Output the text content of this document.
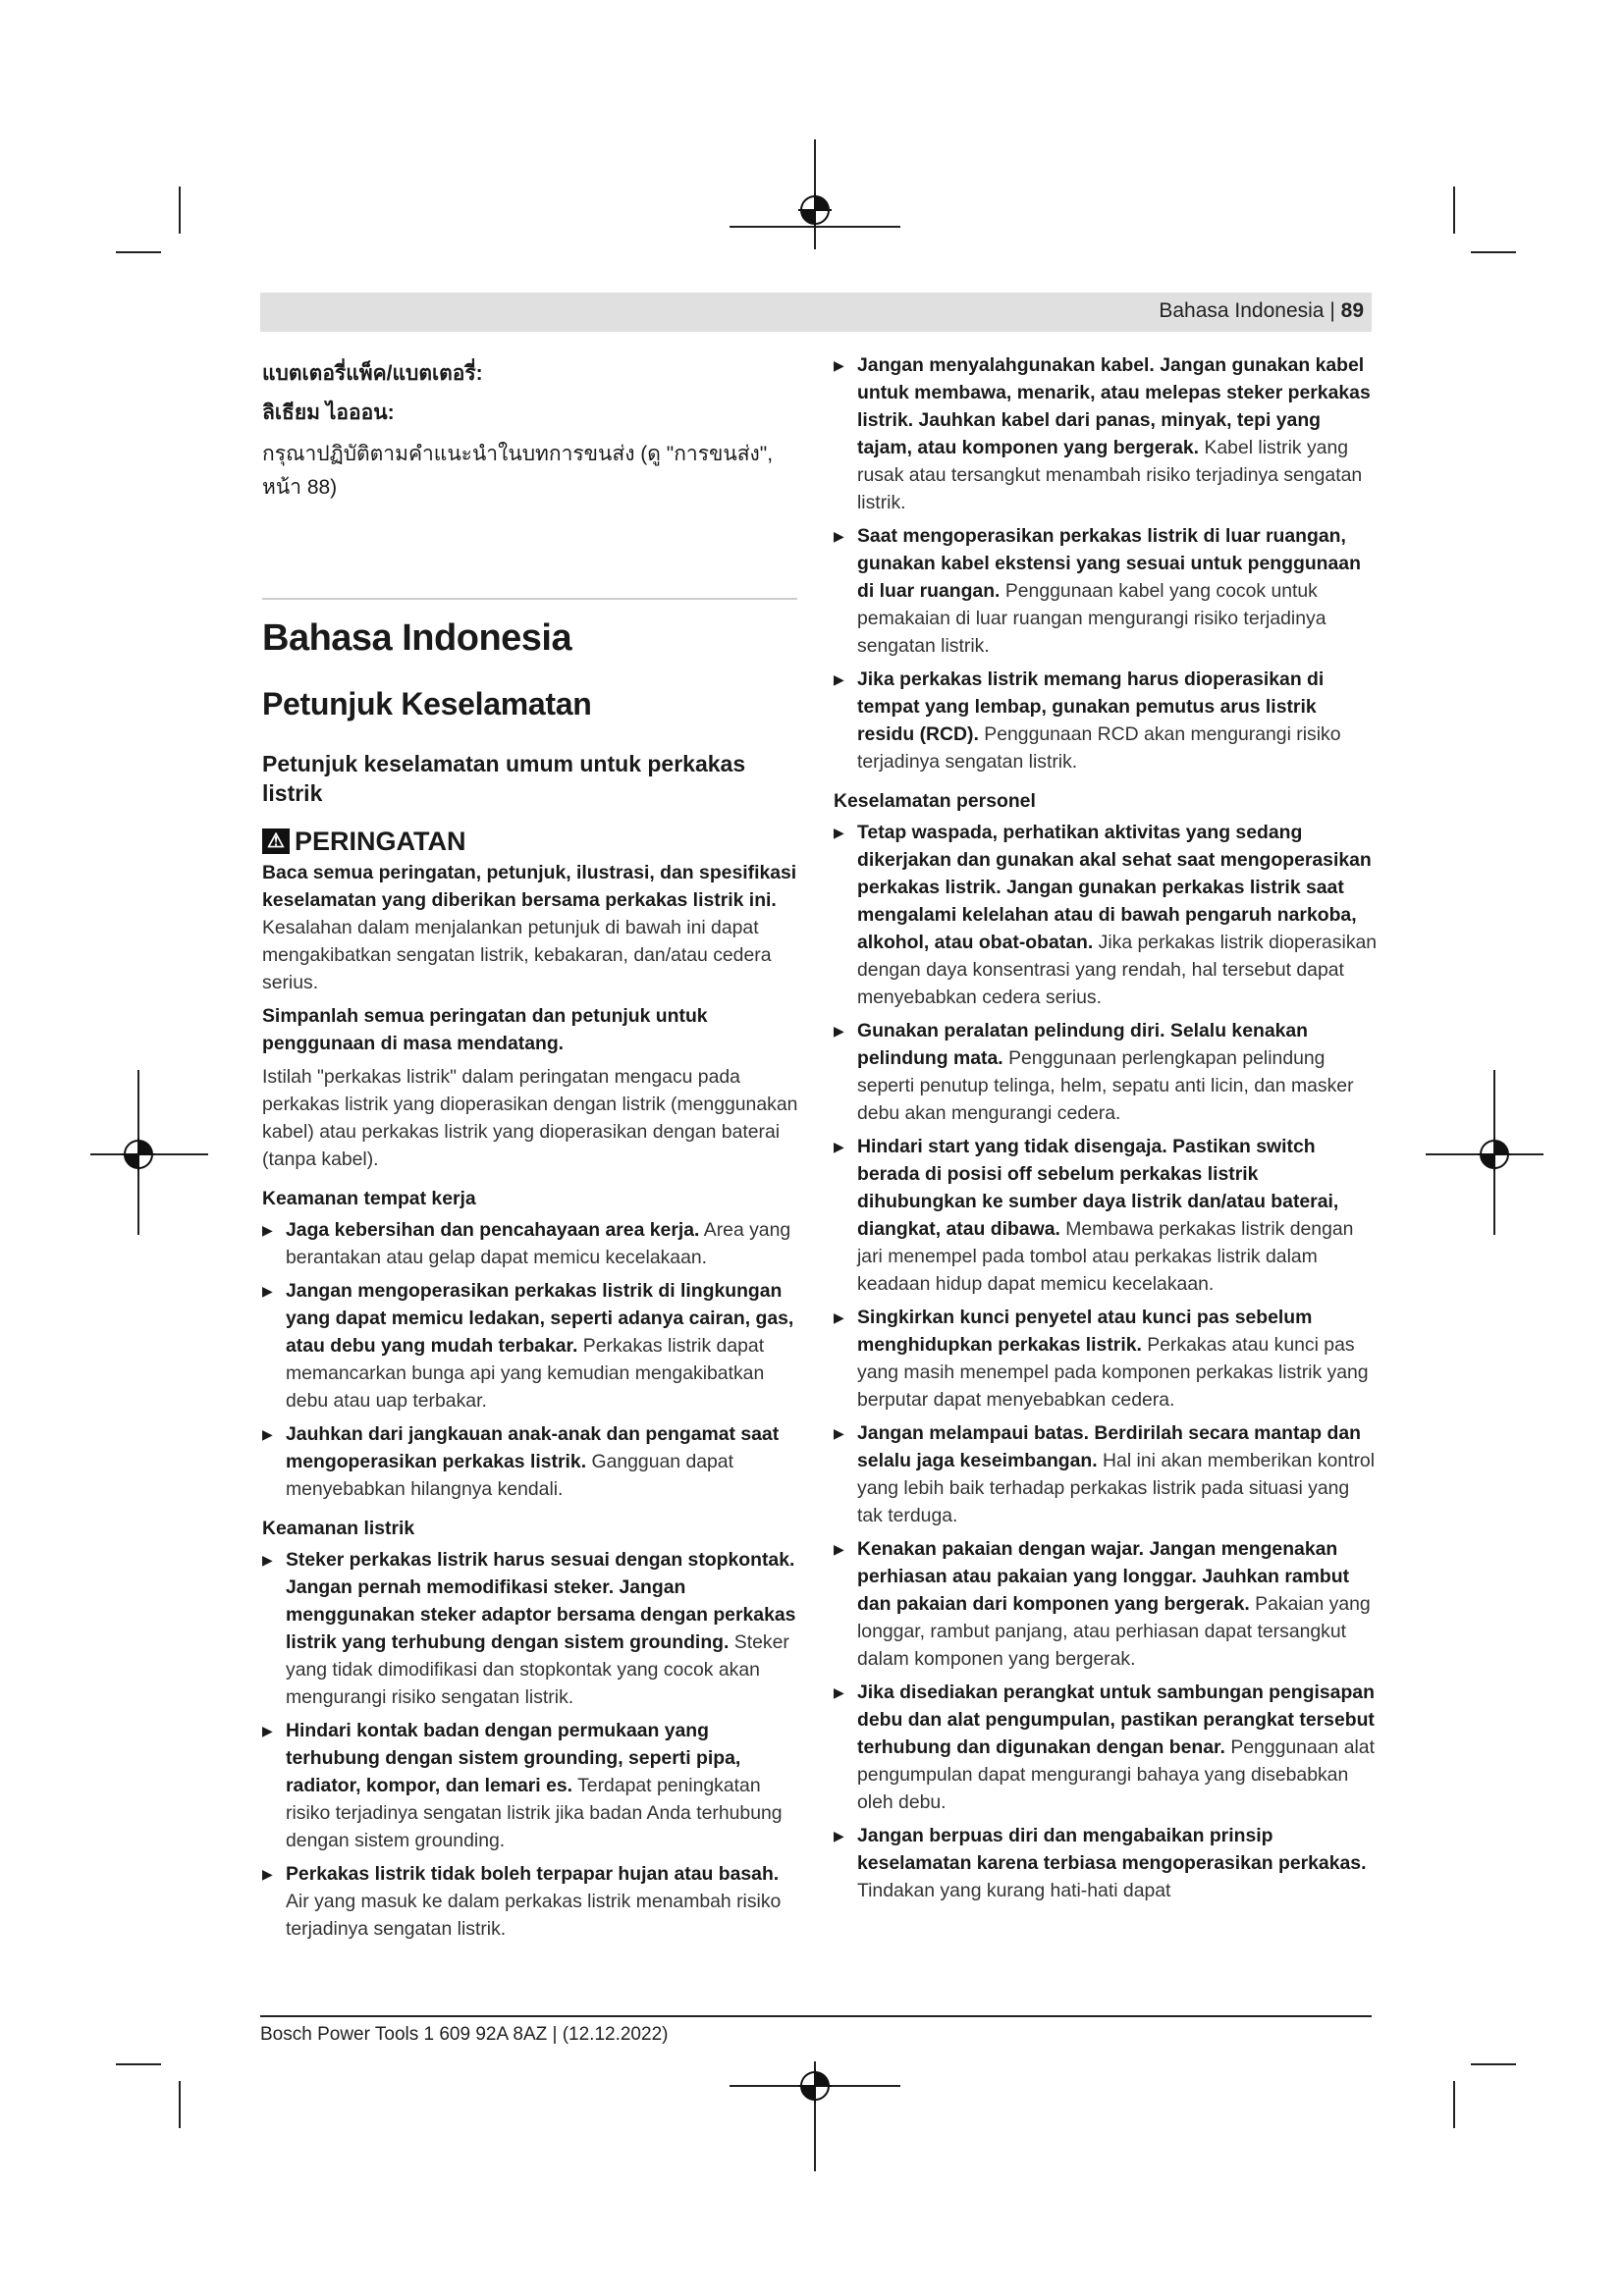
Bahasa Indonesia | 89
แบตเตอรี่แพ็ค/แบตเตอรี่:
ลิเธียม ไอออน:

กรุณาปฏิบัติตามคำแนะนำในบทการขนส่ง (ดู "การขนส่ง", หน้า 88)

Bahasa Indonesia
Petunjuk Keselamatan
Petunjuk keselamatan umum untuk perkakas listrik
⚠ PERINGATAN

Baca semua peringatan, petunjuk, ilustrasi, dan spesifikasi keselamatan yang diberikan bersama perkakas listrik ini. Kesalahan dalam menjalankan petunjuk di bawah ini dapat mengakibatkan sengatan listrik, kebakaran, dan/atau cedera serius.

Simpanlah semua peringatan dan petunjuk untuk penggunaan di masa mendatang.

Istilah "perkakas listrik" dalam peringatan mengacu pada perkakas listrik yang dioperasikan dengan listrik (menggunakan kabel) atau perkakas listrik yang dioperasikan dengan baterai (tanpa kabel).

Keamanan tempat kerja
▶ Jaga kebersihan dan pencahayaan area kerja. Area yang berantakan atau gelap dapat memicu kecelakaan.
▶ Jangan mengoperasikan perkakas listrik di lingkungan yang dapat memicu ledakan, seperti adanya cairan, gas, atau debu yang mudah terbakar. Perkakas listrik dapat memancarkan bunga api yang kemudian mengakibatkan debu atau uap terbakar.
▶ Jauhkan dari jangkauan anak-anak dan pengamat saat mengoperasikan perkakas listrik. Gangguan dapat menyebabkan hilangnya kendali.
Keamanan listrik
▶ Steker perkakas listrik harus sesuai dengan stopkontak. Jangan pernah memodifikasi steker. Jangan menggunakan steker adaptor bersama dengan perkakas listrik yang terhubung dengan sistem grounding. Steker yang tidak dimodifikasi dan stopkontak yang cocok akan mengurangi risiko sengatan listrik.
▶ Hindari kontak badan dengan permukaan yang terhubung dengan sistem grounding, seperti pipa, radiator, kompor, dan lemari es. Terdapat peningkatan risiko terjadinya sengatan listrik jika badan Anda terhubung dengan sistem grounding.
▶ Perkakas listrik tidak boleh terpapar hujan atau basah. Air yang masuk ke dalam perkakas listrik menambah risiko terjadinya sengatan listrik.
▶ Jangan menyalahgunakan kabel. Jangan gunakan kabel untuk membawa, menarik, atau melepas steker perkakas listrik. Jauhkan kabel dari panas, minyak, tepi yang tajam, atau komponen yang bergerak. Kabel listrik yang rusak atau tersangkut menambah risiko terjadinya sengatan listrik.
▶ Saat mengoperasikan perkakas listrik di luar ruangan, gunakan kabel ekstensi yang sesuai untuk penggunaan di luar ruangan. Penggunaan kabel yang cocok untuk pemakaian di luar ruangan mengurangi risiko terjadinya sengatan listrik.
▶ Jika perkakas listrik memang harus dioperasikan di tempat yang lembap, gunakan pemutus arus listrik residu (RCD). Penggunaan RCD akan mengurangi risiko terjadinya sengatan listrik.
Keselamatan personel
▶ Tetap waspada, perhatikan aktivitas yang sedang dikerjakan dan gunakan akal sehat saat mengoperasikan perkakas listrik. Jangan gunakan perkakas listrik saat mengalami kelelahan atau di bawah pengaruh narkoba, alkohol, atau obat-obatan. Jika perkakas listrik dioperasikan dengan daya konsentrasi yang rendah, hal tersebut dapat menyebabkan cedera serius.
▶ Gunakan peralatan pelindung diri. Selalu kenakan pelindung mata. Penggunaan perlengkapan pelindung seperti penutup telinga, helm, sepatu anti licin, dan masker debu akan mengurangi cedera.
▶ Hindari start yang tidak disengaja. Pastikan switch berada di posisi off sebelum perkakas listrik dihubungkan ke sumber daya listrik dan/atau baterai, diangkat, atau dibawa. Membawa perkakas listrik dengan jari menempel pada tombol atau perkakas listrik dalam keadaan hidup dapat memicu kecelakaan.
▶ Singkirkan kunci penyetel atau kunci pas sebelum menghidupkan perkakas listrik. Perkakas atau kunci pas yang masih menempel pada komponen perkakas listrik yang berputar dapat menyebabkan cedera.
▶ Jangan melampaui batas. Berdirilah secara mantap dan selalu jaga keseimbangan. Hal ini akan memberikan kontrol yang lebih baik terhadap perkakas listrik pada situasi yang tak terduga.
▶ Kenakan pakaian dengan wajar. Jangan mengenakan perhiasan atau pakaian yang longgar. Jauhkan rambut dan pakaian dari komponen yang bergerak. Pakaian yang longgar, rambut panjang, atau perhiasan dapat tersangkut dalam komponen yang bergerak.
▶ Jika disediakan perangkat untuk sambungan pengisapan debu dan alat pengumpulan, pastikan perangkat tersebut terhubung dan digunakan dengan benar. Penggunaan alat pengumpulan dapat mengurangi bahaya yang disebabkan oleh debu.
▶ Jangan berpuas diri dan mengabaikan prinsip keselamatan karena terbiasa mengoperasikan perkakas. Tindakan yang kurang hati-hati dapat
Bosch Power Tools 1 609 92A 8AZ | (12.12.2022)
